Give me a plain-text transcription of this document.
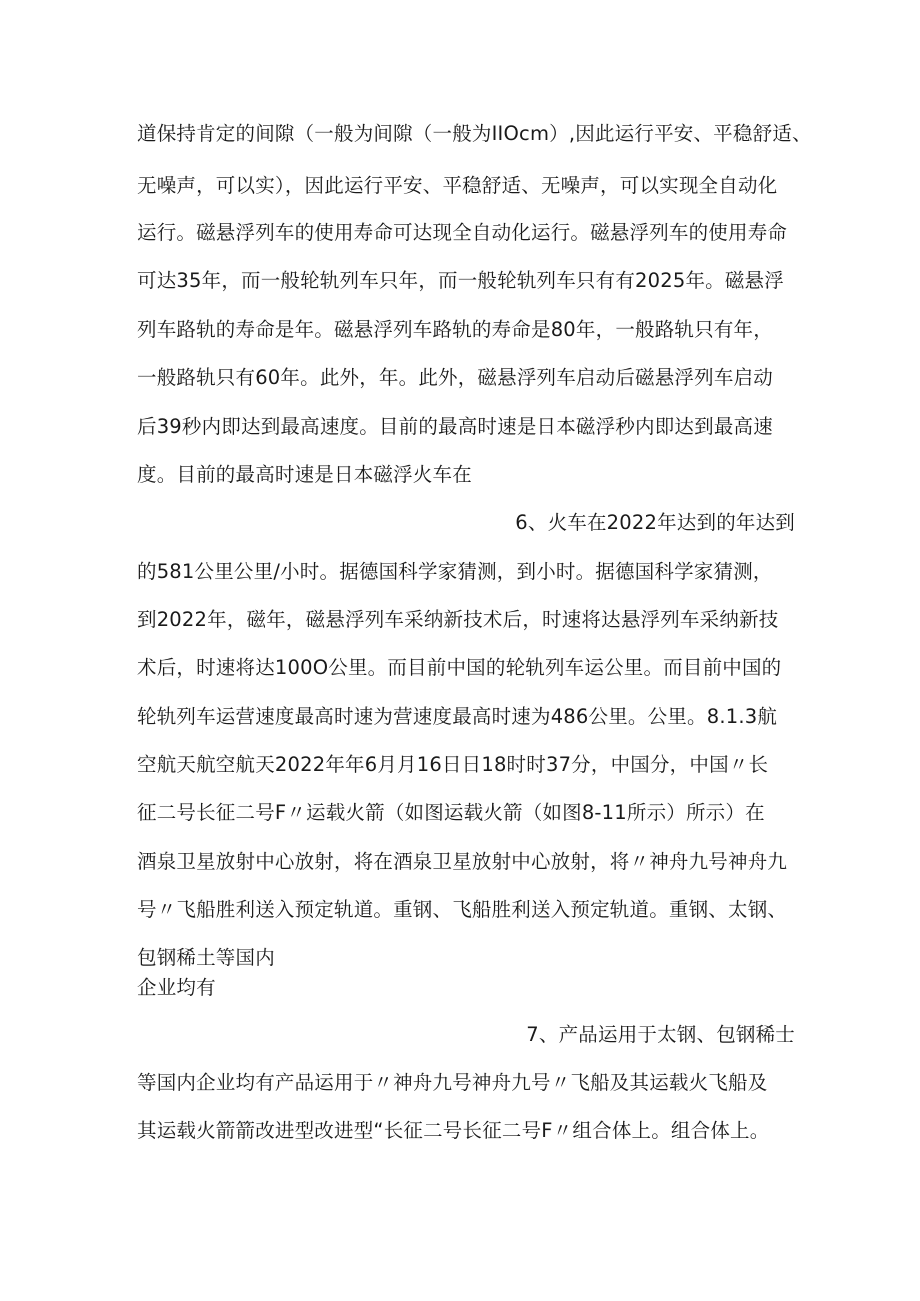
道保持肯定的间隙（一般为间隙（一般为IIOcm）,因此运行平安、平稳舒适、
无噪声，可以实），因此运行平安、平稳舒适、无噪声，可以实现全自动化
运行。磁悬浮列车的使用寿命可达现全自动化运行。磁悬浮列车的使用寿命
可达35年，而一般轮轨列车只年，而一般轮轨列车只有有2025年。磁悬浮
列车路轨的寿命是年。磁悬浮列车路轨的寿命是80年，一般路轨只有年，
一般路轨只有60年。此外，年。此外，磁悬浮列车启动后磁悬浮列车启动
后39秒内即达到最高速度。目前的最高时速是日本磁浮秒内即达到最高速
度。目前的最高时速是日本磁浮火车在
6、火车在2022年达到的年达到
的581公里公里/小时。据德国科学家猜测，到小时。据德国科学家猜测，
到2022年，磁年，磁悬浮列车采纳新技术后，时速将达悬浮列车采纳新技
术后，时速将达100O公里。而目前中国的轮轨列车运公里。而目前中国的
轮轨列车运营速度最高时速为营速度最高时速为486公里。公里。8.1.3航
空航天航空航天2022年年6月月16日日18时时37分，中国分，中国〃长
征二号长征二号F〃运载火箭（如图运载火箭（如图8-11所示）所示）在
酒泉卫星放射中心放射，将在酒泉卫星放射中心放射，将〃神舟九号神舟九
号〃飞船胜利送入预定轨道。重钢、飞船胜利送入预定轨道。重钢、太钢、
包钢稀土等国内
企业均有
7、产品运用于太钢、包钢稀士
等国内企业均有产品运用于〃神舟九号神舟九号〃飞船及其运载火飞船及
其运载火箭箭改进型改进型“长征二号长征二号F〃组合体上。组合体上。
